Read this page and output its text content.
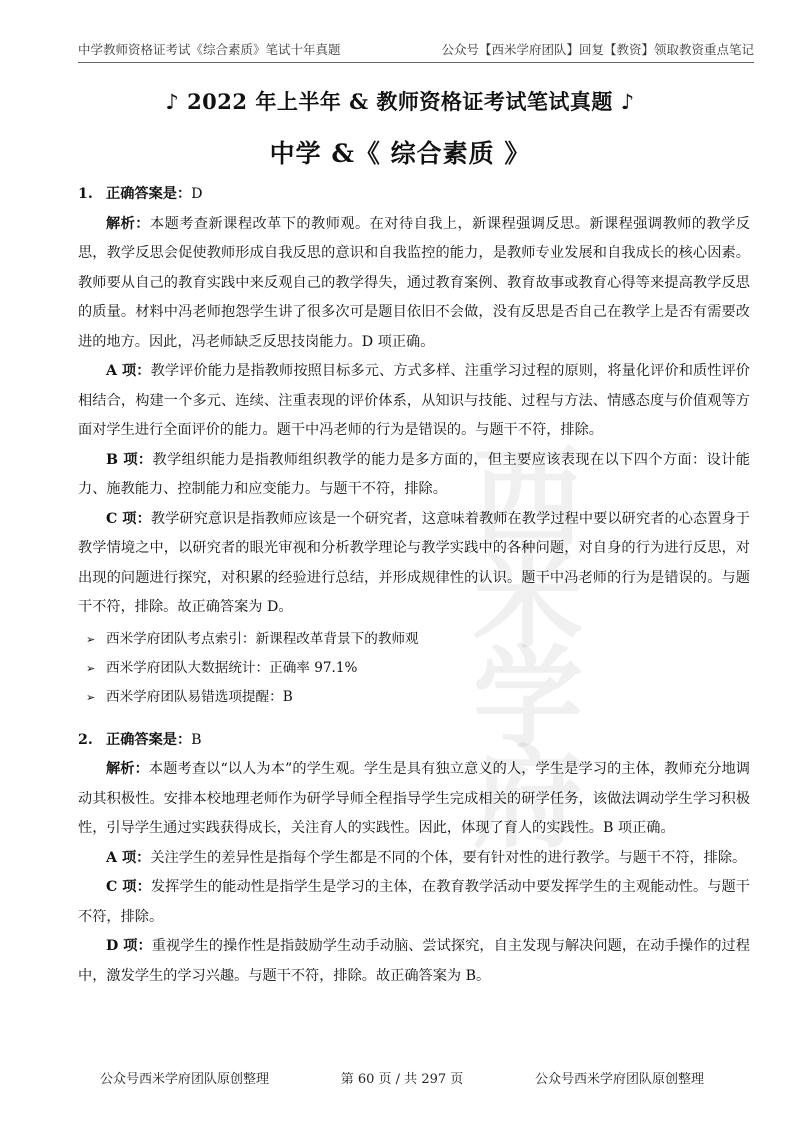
中学教师资格证考试《综合素质》笔试十年真题	公众号【西米学府团队】回复【教资】领取教资重点笔记
西米学府
♪ 2022 年上半年 & 教师资格证考试笔试真题 ♪
中学 &《 综合素质 》

1. 正确答案是：D

解析：本题考查新课程改革下的教师观。在对待自我上，新课程强调反思。新课程强调教师的教学反思，教学反思会促使教师形成自我反思的意识和自我监控的能力，是教师专业发展和自我成长的核心因素。教师要从自己的教育实践中来反观自己的教学得失，通过教育案例、教育故事或教育心得等来提高教学反思的质量。材料中冯老师抱怨学生讲了很多次可是题目依旧不会做，没有反思是否自己在教学上是否有需要改进的地方。因此，冯老师缺乏反思技岗能力。D 项正确。

A 项：教学评价能力是指教师按照目标多元、方式多样、注重学习过程的原则，将量化评价和质性评价相结合，构建一个多元、连续、注重表现的评价体系，从知识与技能、过程与方法、情感态度与价值观等方面对学生进行全面评价的能力。题干中冯老师的行为是错误的。与题干不符，排除。

B 项：教学组织能力是指教师组织教学的能力是多方面的，但主要应该表现在以下四个方面：设计能力、施教能力、控制能力和应变能力。与题干不符，排除。

C 项：教学研究意识是指教师应该是一个研究者，这意味着教师在教学过程中要以研究者的心态置身于教学情境之中，以研究者的眼光审视和分析教学理论与教学实践中的各种问题，对自身的行为进行反思，对出现的问题进行探究，对积累的经验进行总结，并形成规律性的认识。题干中冯老师的行为是错误的。与题干不符，排除。故正确答案为 D。

➢ 西米学府团队考点索引：新课程改革背景下的教师观
➢ 西米学府团队大数据统计：正确率 97.1%
➢ 西米学府团队易错选项提醒：B

2. 正确答案是：B

解析：本题考查以“以人为本”的学生观。学生是具有独立意义的人，学生是学习的主体，教师充分地调动其积极性。安排本校地理老师作为研学导师全程指导学生完成相关的研学任务，该做法调动学生学习积极性，引导学生通过实践获得成长，关注育人的实践性。因此，体现了育人的实践性。B 项正确。

A 项：关注学生的差异性是指每个学生都是不同的个体，要有针对性的进行教学。与题干不符，排除。

C 项：发挥学生的能动性是指学生是学习的主体，在教育教学活动中要发挥学生的主观能动性。与题干不符，排除。

D 项：重视学生的操作性是指鼓励学生动手动脑、尝试探究，自主发现与解决问题，在动手操作的过程中，激发学生的学习兴趣。与题干不符，排除。故正确答案为 B。

公众号西米学府团队原创整理	第 60 页 / 共 297 页	公众号西米学府团队原创整理
